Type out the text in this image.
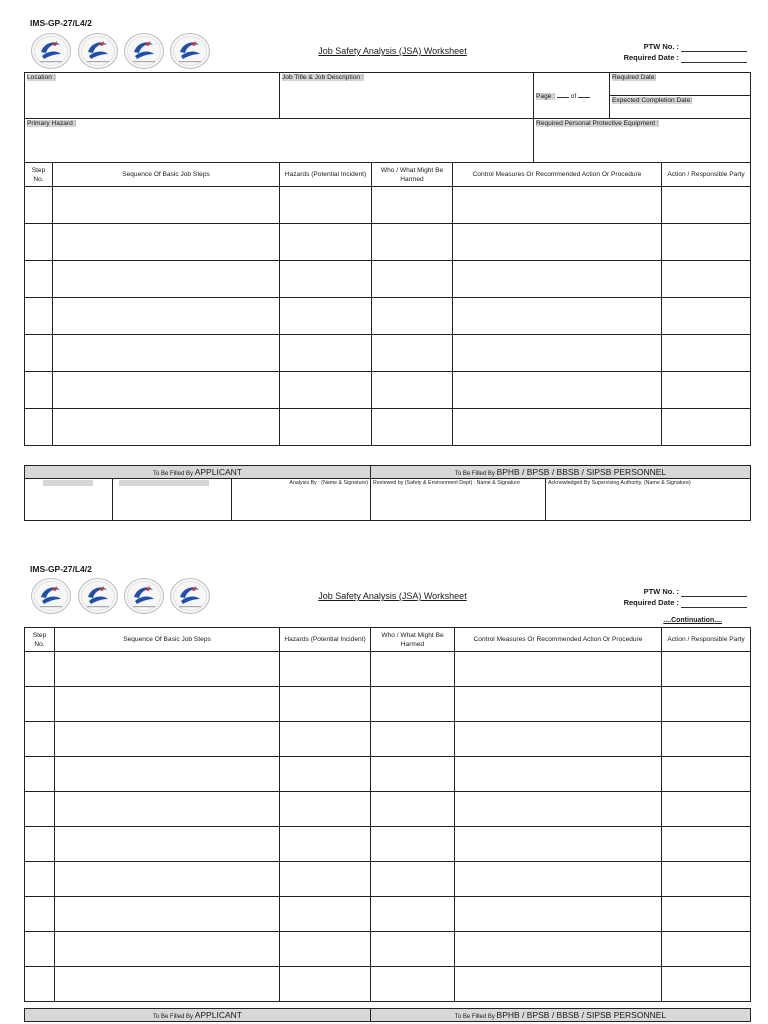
IMS-GP-27/L4/2
Job Safety Analysis (JSA) Worksheet	PTW No. :
Required Date :
Location :	Job Title & Job Description :	Page : of	Required Date:
			Expected Completion Date:
Primary Hazard :		Required Personal Protective Equipment :	
Step No.	Sequence Of Basic Job Steps	Hazards (Potential Incident)	Who / What Might Be Harmed	Control Measures Or Recommended Action Or Procedure	Action / Responsible Party

To Be Filled By APPLICANT			To Be Filled By BPHB / BPSB / BBSB / SIPSB PERSONNEL	
		Analysis By : (Name & Signature)	Reviewed by (Safety & Environment Dept) : Name & Signature	Acknowledged By Supervising Authority. (Name & Signature)
IMS-GP-27/L4/2
Job Safety Analysis (JSA) Worksheet	PTW No. :
Required Date :
....Continuation....
Step No.	Sequence Of Basic Job Steps	Hazards (Potential Incident)	Who / What Might Be Harmed	Control Measures Or Recommended Action Or Procedure	Action / Responsible Party

To Be Filled By APPLICANT	To Be Filled By BPHB / BPSB / BBSB / SIPSB PERSONNEL
